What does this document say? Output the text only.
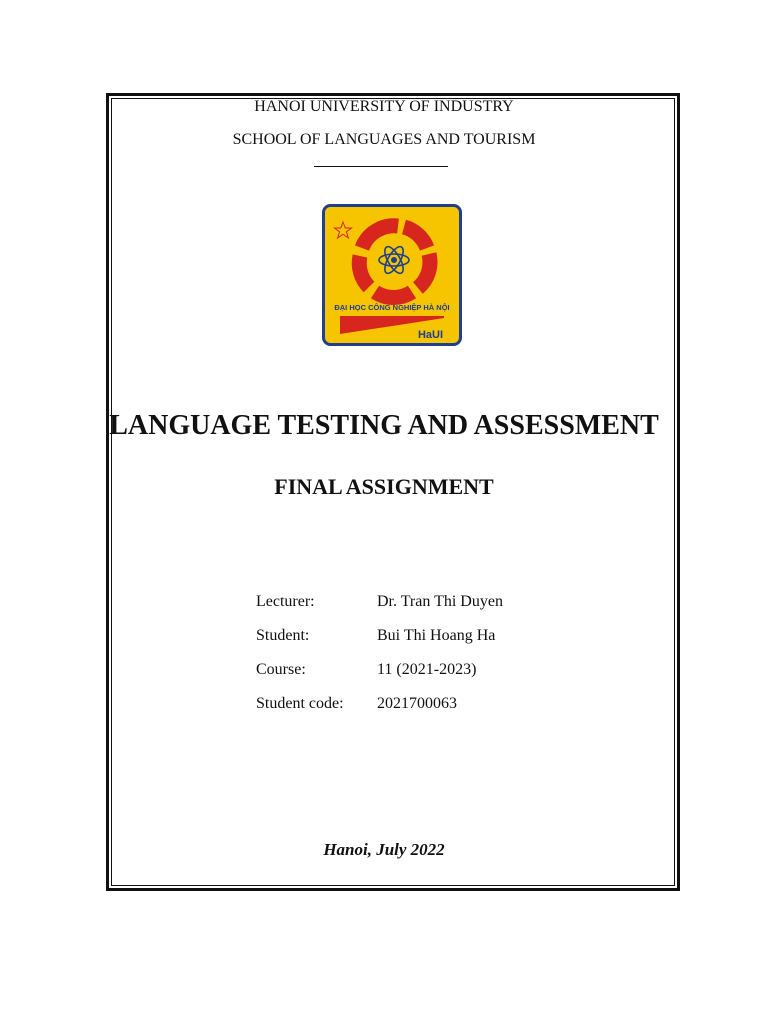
HANOI UNIVERSITY OF INDUSTRY
SCHOOL OF LANGUAGES AND TOURISM
ĐẠI HỌC CÔNG NGHIỆP HÀ NỘI
HaUI
LANGUAGE TESTING AND ASSESSMENT
FINAL ASSIGNMENT
Lecturer:	Dr. Tran Thi Duyen
Student:	Bui Thi Hoang Ha
Course:	11 (2021-2023)
Student code:	2021700063
Hanoi, July 2022
